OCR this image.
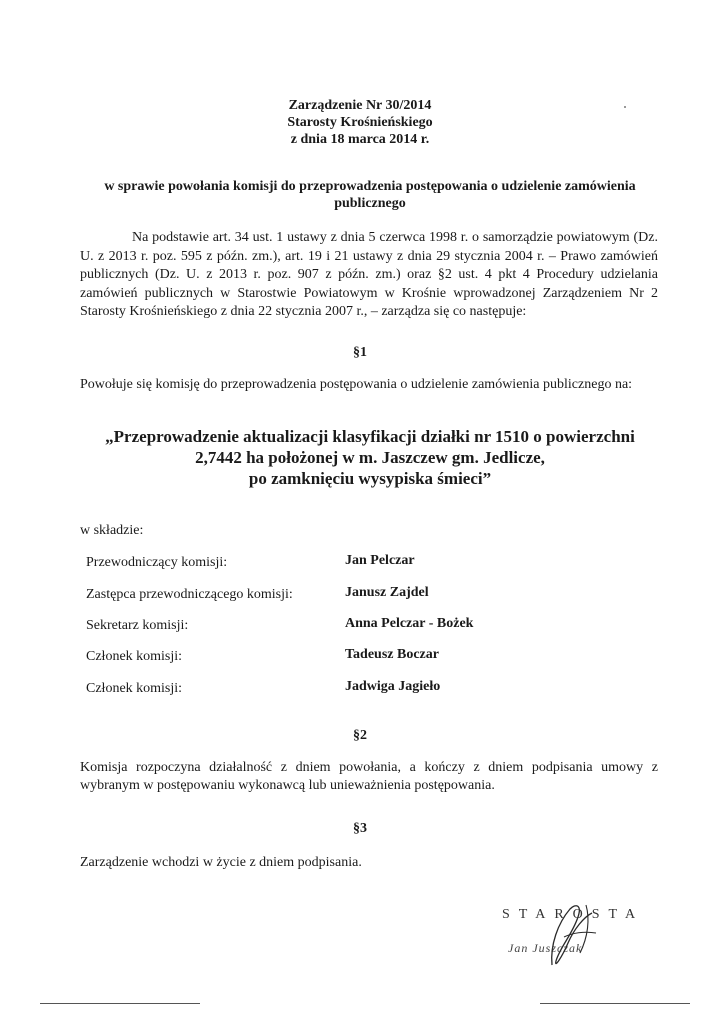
Zarządzenie Nr 30/2014
Starosty Krośnieńskiego
z dnia 18 marca 2014 r.
w sprawie powołania komisji do przeprowadzenia postępowania o udzielenie zamówienia publicznego
Na podstawie art. 34 ust. 1 ustawy z dnia 5 czerwca 1998 r. o samorządzie powiatowym (Dz. U. z 2013 r. poz. 595 z późn. zm.), art. 19 i 21 ustawy z dnia 29 stycznia 2004 r. – Prawo zamówień publicznych (Dz. U. z 2013 r. poz. 907 z późn. zm.) oraz §2 ust. 4 pkt 4 Procedury udzielania zamówień publicznych w Starostwie Powiatowym w Krośnie wprowadzonej Zarządzeniem Nr 2 Starosty Krośnieńskiego z dnia 22 stycznia 2007 r., – zarządza się co następuje:
§1
Powołuje się komisję do przeprowadzenia postępowania o udzielenie zamówienia publicznego na:
„Przeprowadzenie aktualizacji klasyfikacji działki nr 1510 o powierzchni
2,7442 ha położonej w m. Jaszczew gm. Jedlicze,
po zamknięciu wysypiska śmieci”
w składzie:
Przewodniczący komisji:	Jan Pelczar
Zastępca przewodniczącego komisji:	Janusz Zajdel
Sekretarz komisji:	Anna Pelczar - Bożek
Członek komisji:	Tadeusz Boczar
Członek komisji:	Jadwiga Jagieło
§2
Komisja rozpoczyna działalność z dniem powołania, a kończy z dniem podpisania umowy z wybranym w postępowaniu wykonawcą lub unieważnienia postępowania.
§3
Zarządzenie wchodzi w życie z dniem podpisania.
STAROSTA
Jan Juszczak
